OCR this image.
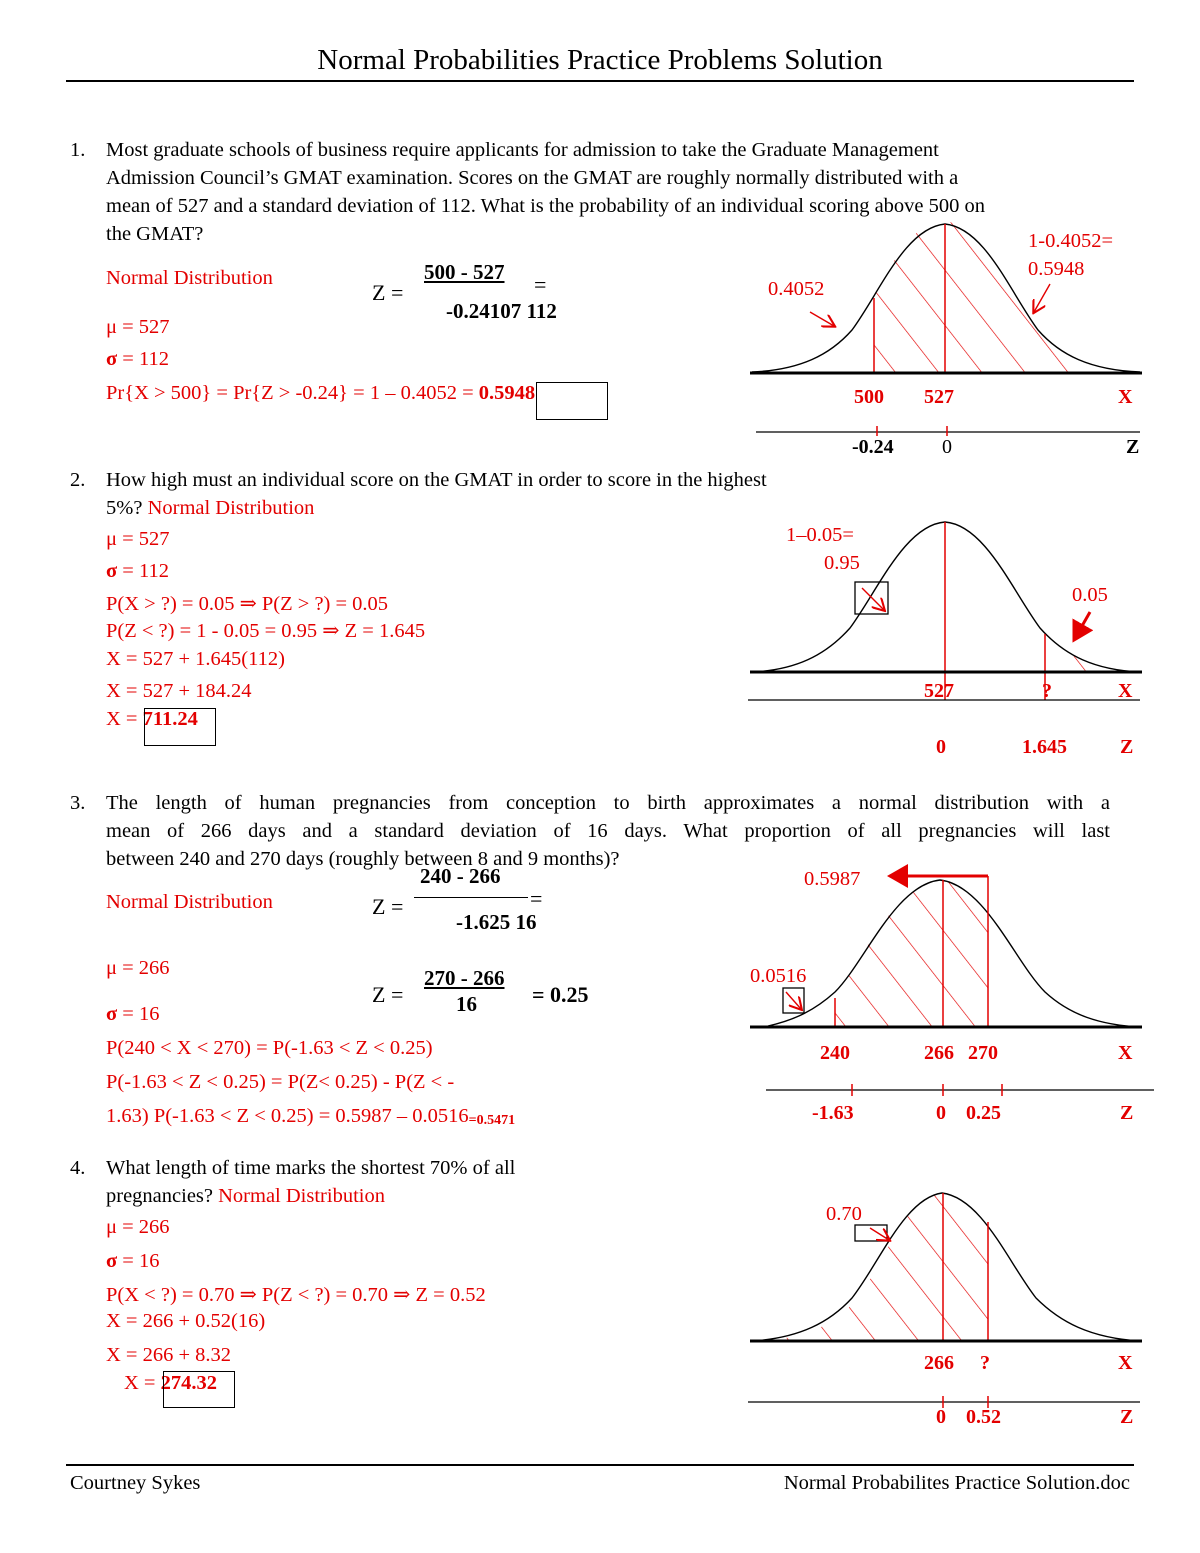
Normal Probabilities Practice Problems Solution
1. Most graduate schools of business require applicants for admission to take the Graduate Management
Admission Council’s GMAT examination. Scores on the GMAT are roughly normally distributed with a
mean of 527 and a standard deviation of 112. What is the probability of an individual scoring above 500 on
the GMAT?
Normal Distribution
μ = 527
σ = 112
Pr{X > 500} = Pr{Z > -0.24} = 1 – 0.4052 = 0.5948
Z =
500 - 527
-0.24107 112
=	0.4052
1-0.4052=
0.5948
500 527	X
-0.24 0	Z
2. How high must an individual score on the GMAT in order to score in the highest
5%? Normal Distribution
μ = 527
σ = 112
P(X > ?) = 0.05 ⇒ P(Z > ?) = 0.05
P(Z < ?) = 1 - 0.05 = 0.95 ⇒ Z = 1.645
X = 527 + 1.645(112)
X = 527 + 184.24
X = 711.24
1–0.05=
0.95
0.05
527	?	X
0	1.645	Z
3. The length of human pregnancies from conception to birth approximates a normal distribution with a
mean of 266 days and a standard deviation of 16 days. What proportion of all pregnancies will last
between 240 and 270 days (roughly between 8 and 9 months)?
Normal Distribution
μ = 266
σ = 16
P(240 < X < 270) = P(-1.63 < Z < 0.25)
P(-1.63 < Z < 0.25) = P(Z< 0.25) - P(Z < -
1.63) P(-1.63 < Z < 0.25) = 0.5987 – 0.0516=0.5471
Z =
240 - 266
-1.625 16
=
Z =
270 - 266
16	= 0.25
0.5987
0.0516
240	266 270	X
-1.63	0 0.25	Z
4. What length of time marks the shortest 70% of all
pregnancies? Normal Distribution
μ = 266
σ = 16
P(X < ?) = 0.70 ⇒ P(Z < ?) = 0.70 ⇒ Z = 0.52
X = 266 + 0.52(16)
X = 266 + 8.32
X = 274.32
0.70
266 ?	X
0 0.52	Z
Courtney Sykes	Normal Probabilites Practice Solution.doc
